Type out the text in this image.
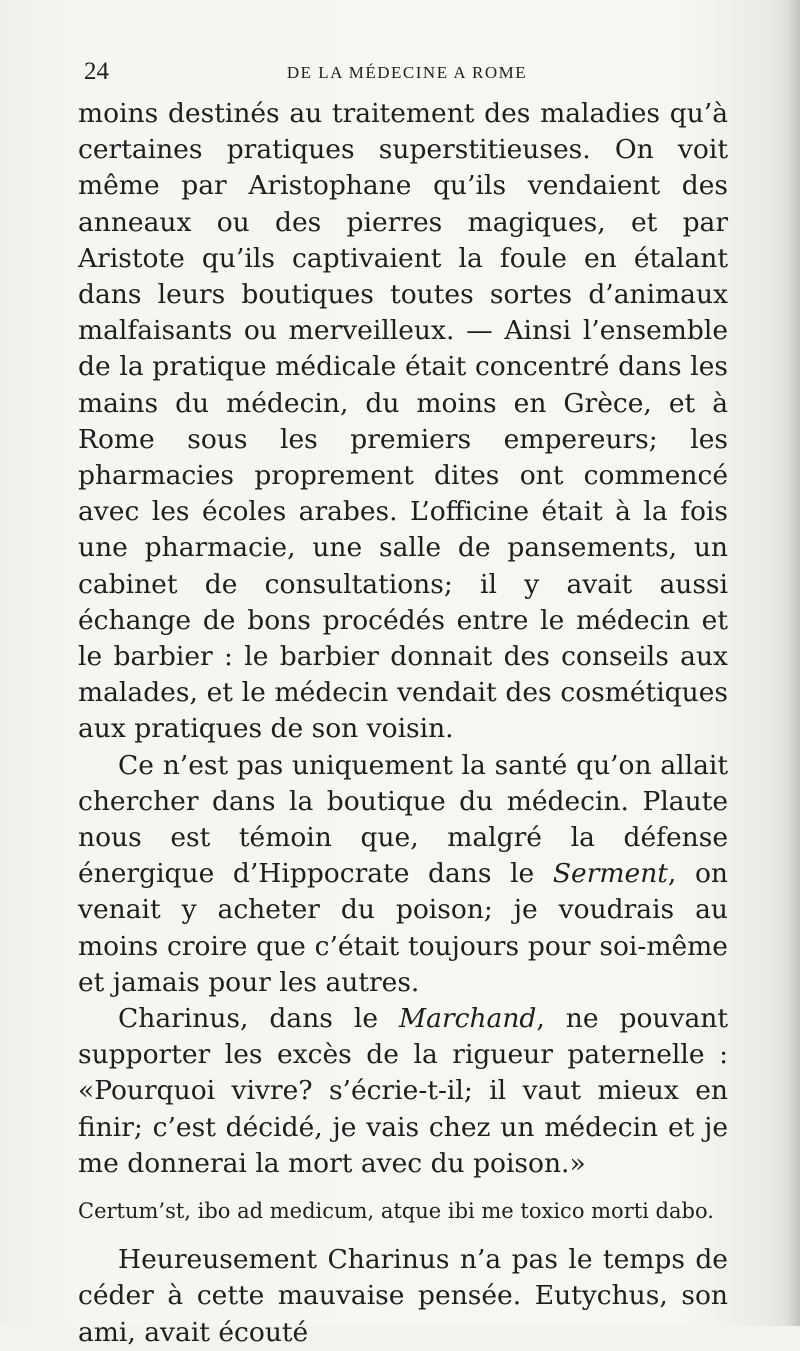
24	DE LA MÉDECINE A ROME

moins destinés au traitement des maladies qu’à certaines pratiques superstitieuses. On voit même par Aristophane qu’ils vendaient des anneaux ou des pierres magiques, et par Aristote qu’ils captivaient la foule en étalant dans leurs boutiques toutes sortes d’animaux malfaisants ou merveilleux. — Ainsi l’ensemble de la pratique médicale était concentré dans les mains du médecin, du moins en Grèce, et à Rome sous les premiers empereurs; les pharmacies proprement dites ont commencé avec les écoles arabes. L’officine était à la fois une pharmacie, une salle de pansements, un cabinet de consultations; il y avait aussi échange de bons procédés entre le médecin et le barbier : le barbier donnait des conseils aux malades, et le médecin vendait des cosmétiques aux pratiques de son voisin.

Ce n’est pas uniquement la santé qu’on allait chercher dans la boutique du médecin. Plaute nous est témoin que, malgré la défense énergique d’Hippocrate dans le Serment, on venait y acheter du poison; je voudrais au moins croire que c’était toujours pour soi-même et jamais pour les autres.

Charinus, dans le Marchand, ne pouvant supporter les excès de la rigueur paternelle : «Pourquoi vivre? s’écrie-t-il; il vaut mieux en finir; c’est décidé, je vais chez un médecin et je me donnerai la mort avec du poison.»

Certum’st, ibo ad medicum, atque ibi me toxico morti dabo.

Heureusement Charinus n’a pas le temps de céder à cette mauvaise pensée. Eutychus, son ami, avait écouté
